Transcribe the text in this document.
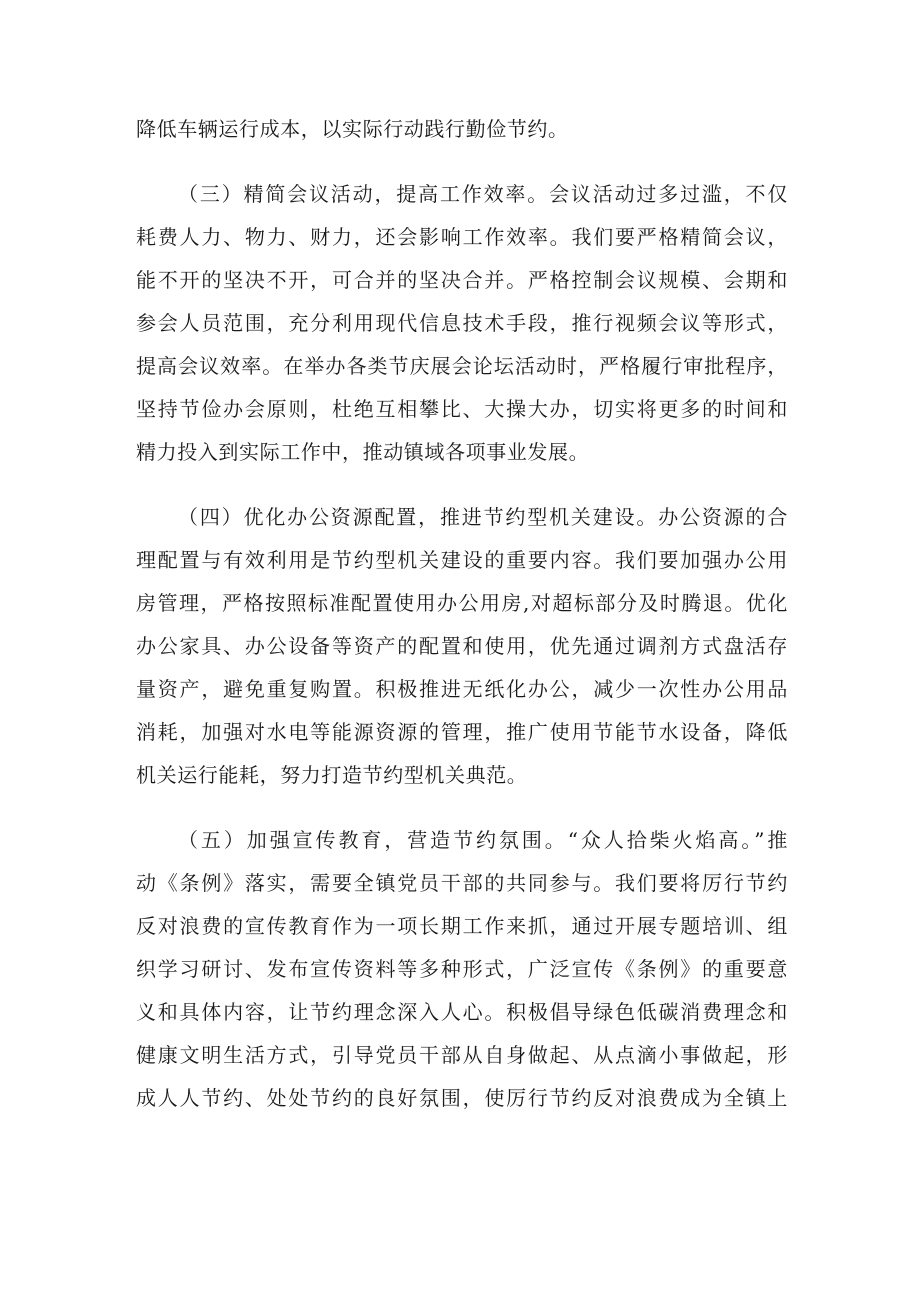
降低车辆运行成本，以实际行动践行勤俭节约。
（三）精简会议活动，提高工作效率。会议活动过多过滥，不仅
耗费人力、物力、财力，还会影响工作效率。我们要严格精简会议，
能不开的坚决不开，可合并的坚决合并。严格控制会议规模、会期和
参会人员范围，充分利用现代信息技术手段，推行视频会议等形式，
提高会议效率。在举办各类节庆展会论坛活动时，严格履行审批程序，
坚持节俭办会原则，杜绝互相攀比、大操大办，切实将更多的时间和
精力投入到实际工作中，推动镇域各项事业发展。
（四）优化办公资源配置，推进节约型机关建设。办公资源的合
理配置与有效利用是节约型机关建设的重要内容。我们要加强办公用
房管理，严格按照标准配置使用办公用房,对超标部分及时腾退。优化
办公家具、办公设备等资产的配置和使用，优先通过调剂方式盘活存
量资产，避免重复购置。积极推进无纸化办公，减少一次性办公用品
消耗，加强对水电等能源资源的管理，推广使用节能节水设备，降低
机关运行能耗，努力打造节约型机关典范。
（五）加强宣传教育，营造节约氛围。“众人拾柴火焰高。”推
动《条例》落实，需要全镇党员干部的共同参与。我们要将厉行节约
反对浪费的宣传教育作为一项长期工作来抓，通过开展专题培训、组
织学习研讨、发布宣传资料等多种形式，广泛宣传《条例》的重要意
义和具体内容，让节约理念深入人心。积极倡导绿色低碳消费理念和
健康文明生活方式，引导党员干部从自身做起、从点滴小事做起，形
成人人节约、处处节约的良好氛围，使厉行节约反对浪费成为全镇上
